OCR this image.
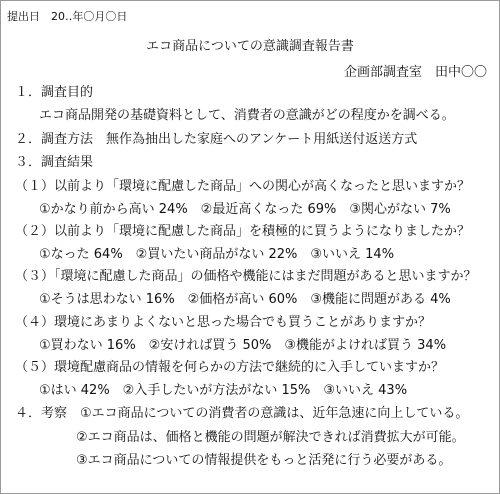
提出日　20‥年〇月〇日
エコ商品についての意識調査報告書
企画部調査室　田中〇〇
１．調査目的
エコ商品開発の基礎資料として、消費者の意識がどの程度かを調べる。
２．調査方法　無作為抽出した家庭へのアンケート用紙送付返送方式
３．調査結果
（１）以前より「環境に配慮した商品」への関心が高くなったと思いますか？
①かなり前から高い 24%　②最近高くなった 69%　③関心がない 7%
（２）以前より「環境に配慮した商品」を積極的に買うようになりましたか？
①なった 64%　②買いたい商品がない 22%　③いいえ 14%
（３）「環境に配慮した商品」の価格や機能にはまだ問題があると思いますか？
①そうは思わない 16%　②価格が高い 60%　③機能に問題がある 4%
（４）環境にあまりよくないと思った場合でも買うことがありますか？
①買わない 16%　②安ければ買う 50%　③機能がよければ買う 34%
（５）環境配慮商品の情報を何らかの方法で継続的に入手していますか？
①はい 42%　②入手したいが方法がない 15%　③いいえ 43%
４．考察　①エコ商品についての消費者の意識は、近年急速に向上している。
②エコ商品は、価格と機能の問題が解決できれば消費拡大が可能。
③エコ商品についての情報提供をもっと活発に行う必要がある。
